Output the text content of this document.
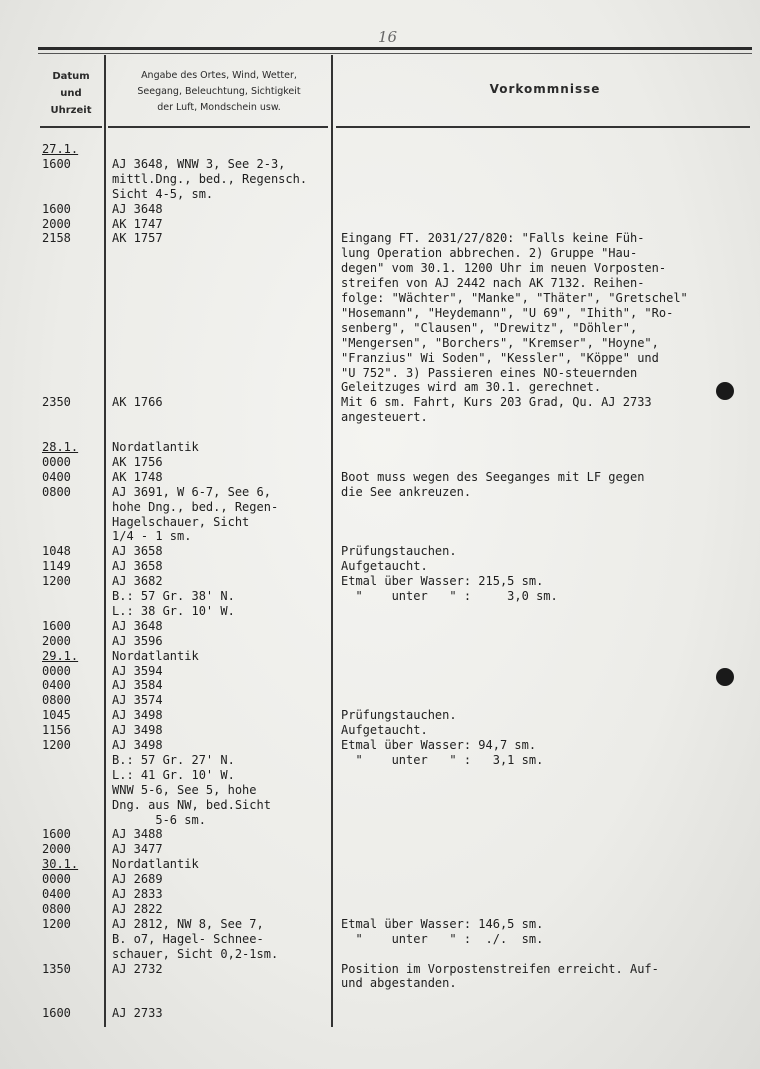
16
Datum
und
Uhrzeit
Angabe des Ortes, Wind, Wetter,
Seegang, Beleuchtung, Sichtigkeit
der Luft, Mondschein usw.
Vorkommnisse
27.1.
1600	AJ 3648, WNW 3, See 2-3,
mittl.Dng., bed., Regensch.
Sicht 4-5, sm.
1600	AJ 3648
2000	AK 1747
2158	AK 1757	Eingang FT. 2031/27/820: "Falls keine Füh-
lung Operation abbrechen. 2) Gruppe "Hau-
degen" vom 30.1. 1200 Uhr im neuen Vorposten-
streifen von AJ 2442 nach AK 7132. Reihen-
folge: "Wächter", "Manke", "Thäter", "Gretschel"
"Hosemann", "Heydemann", "U 69", "Ihith", "Ro-
senberg", "Clausen", "Drewitz", "Döhler",
"Mengersen", "Borchers", "Kremser", "Hoyne",
"Franzius" Wi Soden", "Kessler", "Köppe" und
"U 752". 3) Passieren eines NO-steuernden
Geleitzuges wird am 30.1. gerechnet.
2350	AK 1766	Mit 6 sm. Fahrt, Kurs 203 Grad, Qu. AJ 2733
angesteuert.
28.1.	Nordatlantik
0000	AK 1756
0400	AK 1748	Boot muss wegen des Seeganges mit LF gegen
0800	AJ 3691, W 6-7, See 6,	die See ankreuzen.
hohe Dng., bed., Regen-
Hagelschauer, Sicht
1/4 - 1 sm.
1048	AJ 3658	Prüfungstauchen.
1149	AJ 3658	Aufgetaucht.
1200	AJ 3682	Etmal über Wasser: 215,5 sm.
B.: 57 Gr. 38' N.	"    unter   " :     3,0 sm.
L.: 38 Gr. 10' W.
1600	AJ 3648
2000	AJ 3596
29.1.	Nordatlantik
0000	AJ 3594
0400	AJ 3584
0800	AJ 3574
1045	AJ 3498	Prüfungstauchen.
1156	AJ 3498	Aufgetaucht.
1200	AJ 3498	Etmal über Wasser: 94,7 sm.
B.: 57 Gr. 27' N.	"    unter   " :   3,1 sm.
L.: 41 Gr. 10' W.
WNW 5-6, See 5, hohe
Dng. aus NW, bed.Sicht
5-6 sm.
1600	AJ 3488
2000	AJ 3477
30.1.	Nordatlantik
0000	AJ 2689
0400	AJ 2833
0800	AJ 2822
1200	AJ 2812, NW 8, See 7,	Etmal über Wasser: 146,5 sm.
B. o7, Hagel- Schnee-	"    unter   " :  ./.  sm.
schauer, Sicht 0,2-1sm.
1350	AJ 2732	Position im Vorpostenstreifen erreicht. Auf-
und abgestanden.
1600	AJ 2733
